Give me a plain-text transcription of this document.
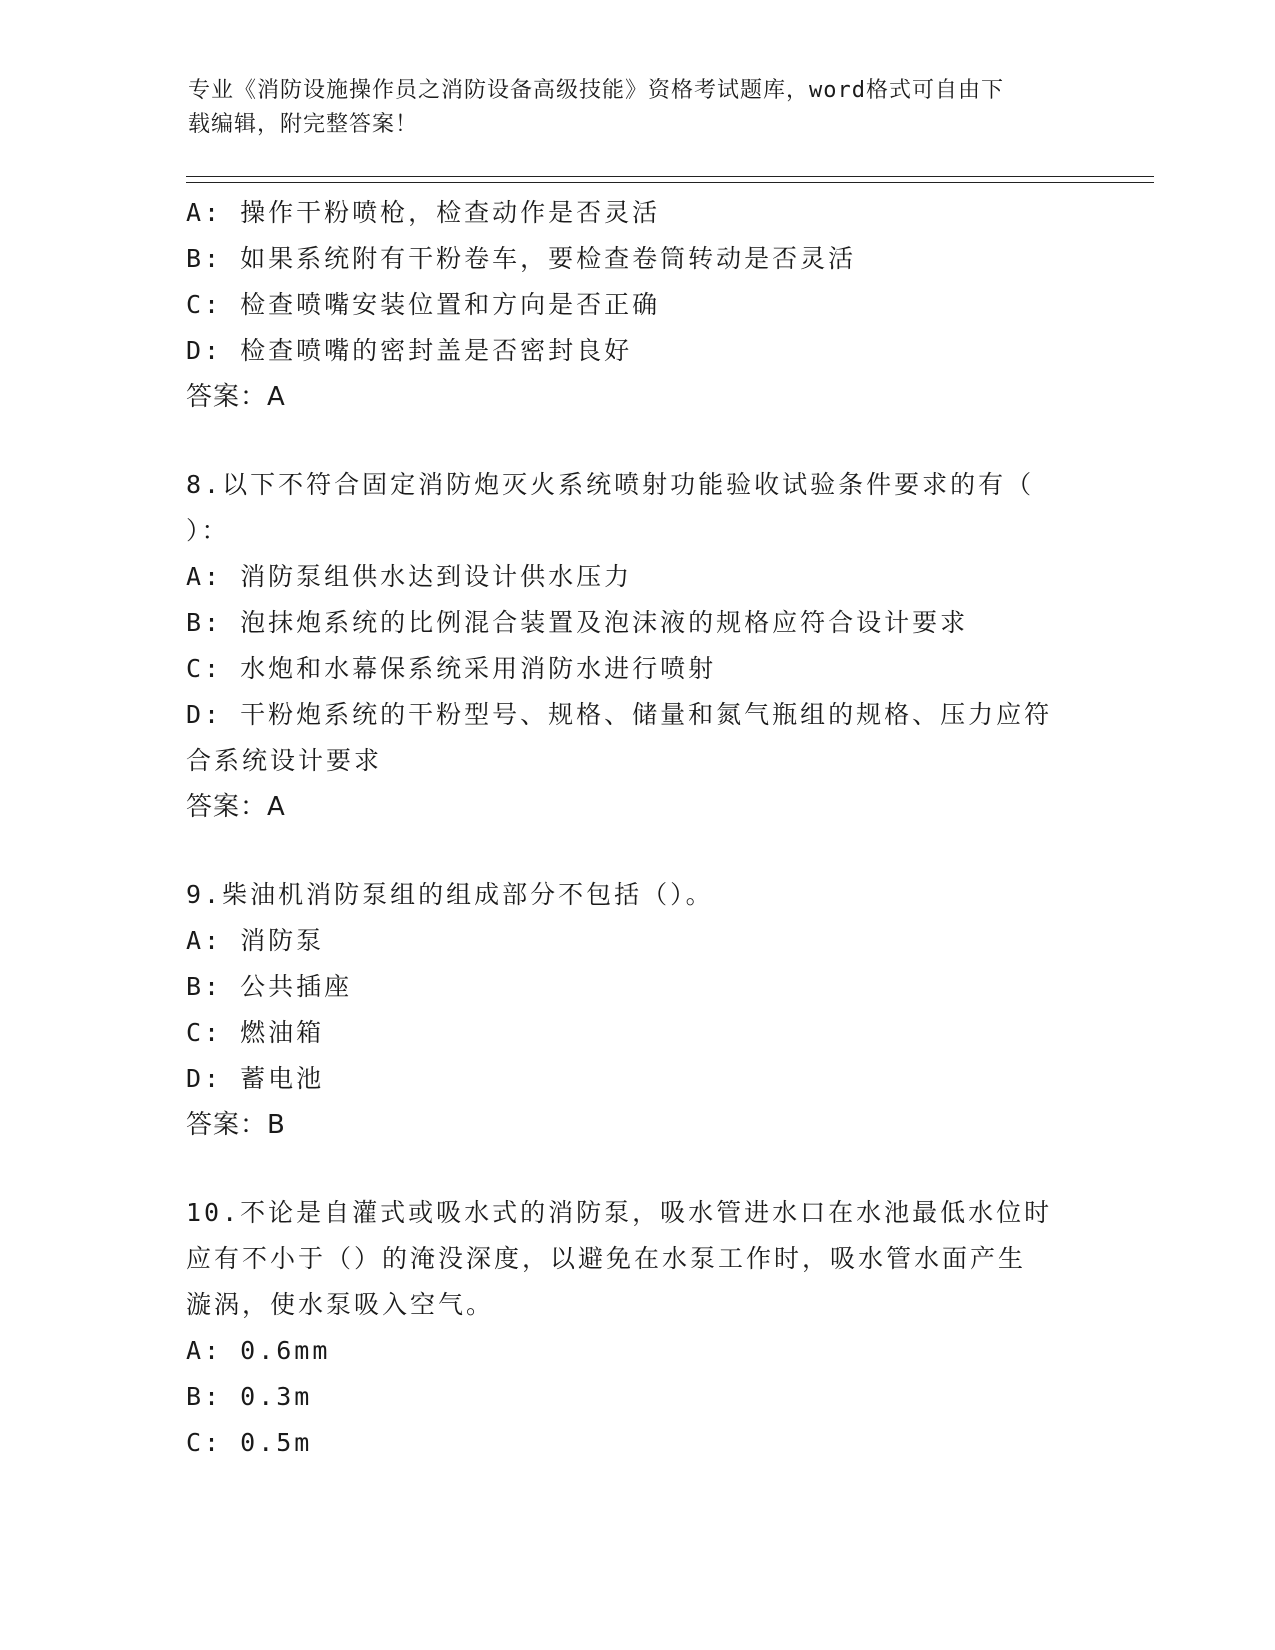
专业《消防设施操作员之消防设备高级技能》资格考试题库，word格式可自由下
载编辑，附完整答案！
A: 操作干粉喷枪，检查动作是否灵活
B: 如果系统附有干粉卷车，要检查卷筒转动是否灵活
C: 检查喷嘴安装位置和方向是否正确
D: 检查喷嘴的密封盖是否密封良好
答案：A
8.以下不符合固定消防炮灭火系统喷射功能验收试验条件要求的有（
）：
A: 消防泵组供水达到设计供水压力
B: 泡抹炮系统的比例混合装置及泡沫液的规格应符合设计要求
C: 水炮和水幕保系统采用消防水进行喷射
D: 干粉炮系统的干粉型号、规格、储量和氮气瓶组的规格、压力应符
合系统设计要求
答案：A
9.柴油机消防泵组的组成部分不包括（）。
A: 消防泵
B: 公共插座
C: 燃油箱
D: 蓄电池
答案：B
10.不论是自灌式或吸水式的消防泵，吸水管进水口在水池最低水位时
应有不小于（）的淹没深度，以避免在水泵工作时，吸水管水面产生
漩涡，使水泵吸入空气。
A: 0.6mm
B: 0.3m
C: 0.5m
